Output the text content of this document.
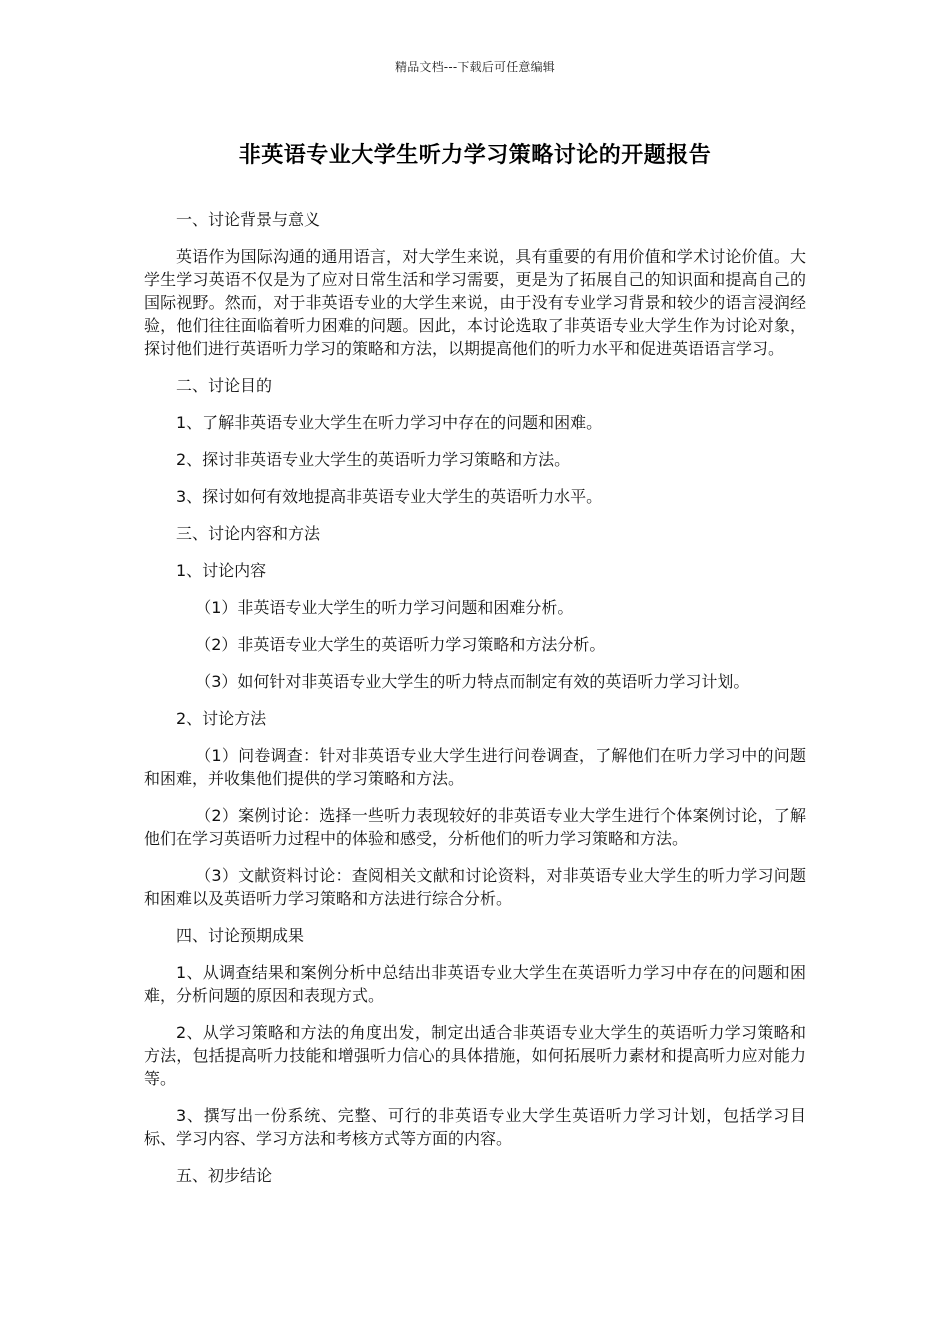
精品文档---下载后可任意编辑
非英语专业大学生听力学习策略讨论的开题报告

一、讨论背景与意义

英语作为国际沟通的通用语言，对大学生来说，具有重要的有用价值和学术讨论价值。大学生学习英语不仅是为了应对日常生活和学习需要，更是为了拓展自己的知识面和提高自己的国际视野。然而，对于非英语专业的大学生来说，由于没有专业学习背景和较少的语言浸润经验，他们往往面临着听力困难的问题。因此，本讨论选取了非英语专业大学生作为讨论对象，探讨他们进行英语听力学习的策略和方法，以期提高他们的听力水平和促进英语语言学习。

二、讨论目的

1、了解非英语专业大学生在听力学习中存在的问题和困难。

2、探讨非英语专业大学生的英语听力学习策略和方法。

3、探讨如何有效地提高非英语专业大学生的英语听力水平。

三、讨论内容和方法

1、讨论内容

（1）非英语专业大学生的听力学习问题和困难分析。

（2）非英语专业大学生的英语听力学习策略和方法分析。

（3）如何针对非英语专业大学生的听力特点而制定有效的英语听力学习计划。

2、讨论方法

（1）问卷调查：针对非英语专业大学生进行问卷调查，了解他们在听力学习中的问题和困难，并收集他们提供的学习策略和方法。

（2）案例讨论：选择一些听力表现较好的非英语专业大学生进行个体案例讨论，了解他们在学习英语听力过程中的体验和感受，分析他们的听力学习策略和方法。

（3）文献资料讨论：查阅相关文献和讨论资料，对非英语专业大学生的听力学习问题和困难以及英语听力学习策略和方法进行综合分析。

四、讨论预期成果

1、从调查结果和案例分析中总结出非英语专业大学生在英语听力学习中存在的问题和困难，分析问题的原因和表现方式。

2、从学习策略和方法的角度出发，制定出适合非英语专业大学生的英语听力学习策略和方法，包括提高听力技能和增强听力信心的具体措施，如何拓展听力素材和提高听力应对能力等。

3、撰写出一份系统、完整、可行的非英语专业大学生英语听力学习计划，包括学习目标、学习内容、学习方法和考核方式等方面的内容。

五、初步结论
